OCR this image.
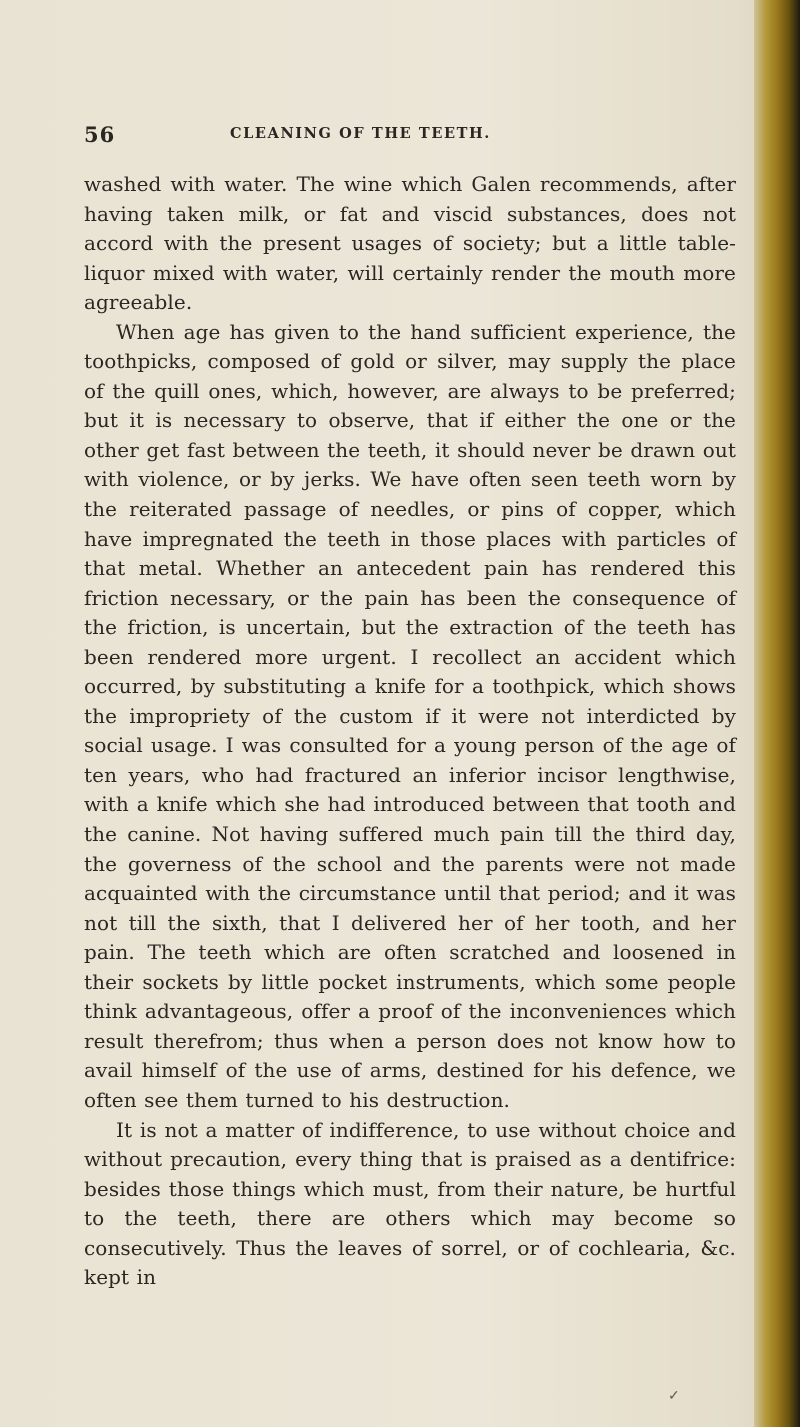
56	CLEANING OF THE TEETH.

washed with water. The wine which Galen recommends, after having taken milk, or fat and viscid substances, does not accord with the present usages of society; but a little table-liquor mixed with water, will certainly render the mouth more agreeable.

When age has given to the hand sufficient experience, the toothpicks, composed of gold or silver, may supply the place of the quill ones, which, however, are always to be preferred; but it is necessary to observe, that if either the one or the other get fast between the teeth, it should never be drawn out with violence, or by jerks. We have often seen teeth worn by the reiterated passage of needles, or pins of copper, which have impregnated the teeth in those places with particles of that metal. Whether an antecedent pain has rendered this friction necessary, or the pain has been the consequence of the friction, is uncertain, but the extraction of the teeth has been rendered more urgent. I recollect an accident which occurred, by substituting a knife for a toothpick, which shows the impropriety of the custom if it were not interdicted by social usage. I was consulted for a young person of the age of ten years, who had fractured an inferior incisor lengthwise, with a knife which she had introduced between that tooth and the canine. Not having suffered much pain till the third day, the governess of the school and the parents were not made acquainted with the circumstance until that period; and it was not till the sixth, that I delivered her of her tooth, and her pain. The teeth which are often scratched and loosened in their sockets by little pocket instruments, which some people think advantageous, offer a proof of the inconveniences which result therefrom; thus when a person does not know how to avail himself of the use of arms, destined for his defence, we often see them turned to his destruction.

It is not a matter of indifference, to use without choice and without precaution, every thing that is praised as a dentifrice: besides those things which must, from their nature, be hurtful to the teeth, there are others which may become so consecutively. Thus the leaves of sorrel, or of cochlearia, &c. kept in

✓
